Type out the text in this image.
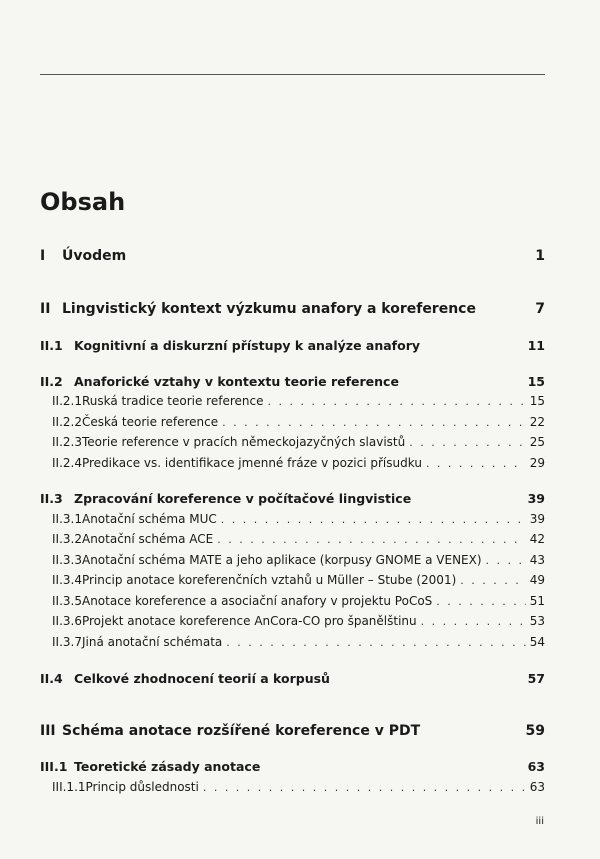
Obsah
I	Úvodem	1
II Lingvistický kontext výzkumu anafory a koreference	7
II.1 Kognitivní a diskurzní přístupy k analýze anafory	11
II.2 Anaforické vztahy v kontextu teorie reference	15
II.2.1 Ruská tradice teorie reference . . .	15
II.2.2 Česká teorie reference . . .	22
II.2.3 Teorie reference v pracích německojazyčných slavistů . . .	25
II.2.4 Predikace vs. identifikace jmenné fráze v pozici přísudku . . .	29
II.3 Zpracování koreference v počítačové lingvistice	39
II.3.1 Anotační schéma MUC . . .	39
II.3.2 Anotační schéma ACE . . .	42
II.3.3 Anotační schéma MATE a jeho aplikace (korpusy GNOME a VENEX) . . .	43
II.3.4 Princip anotace koreferenčních vztahů u Müller – Stube (2001) . . .	49
II.3.5 Anotace koreference a asociační anafory v projektu PoCoS . . .	51
II.3.6 Projekt anotace koreference AnCora-CO pro španělštinu . . .	53
II.3.7 Jiná anotační schémata . . .	54
II.4 Celkové zhodnocení teorií a korpusů	57
III Schéma anotace rozšířené koreference v PDT	59
III.1 Teoretické zásady anotace	63
III.1.1 Princip důslednosti . . .	63
iii
